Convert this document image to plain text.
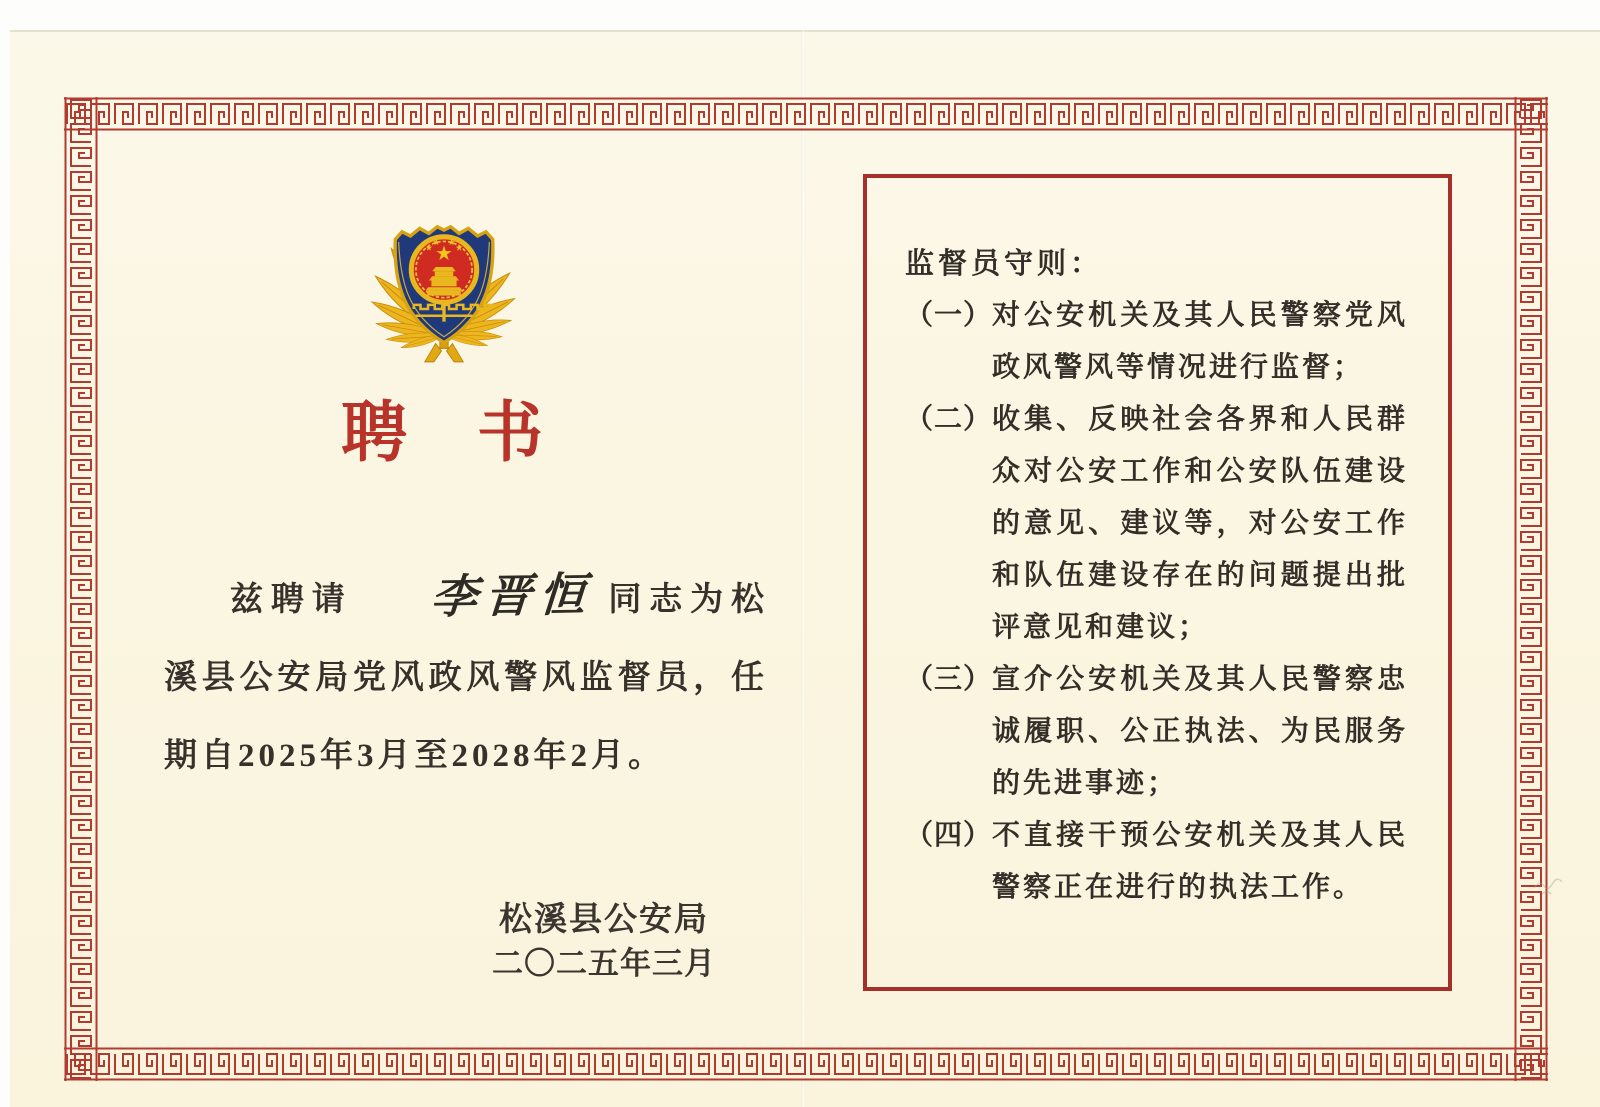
聘　书

兹聘请 李晋恒 同志为松溪县公安局党风政风警风监督员，任期自2025年3月至2028年2月。

松溪县公安局
二〇二五年三月
监督员守则：
（一） 对公安机关及其人民警察党风政风警风等情况进行监督；
（二） 收集、反映社会各界和人民群众对公安工作和公安队伍建设的意见、建议等，对公安工作和队伍建设存在的问题提出批评意见和建议；
（三） 宣介公安机关及其人民警察忠诚履职、公正执法、为民服务的先进事迹；
（四） 不直接干预公安机关及其人民警察正在进行的执法工作。
